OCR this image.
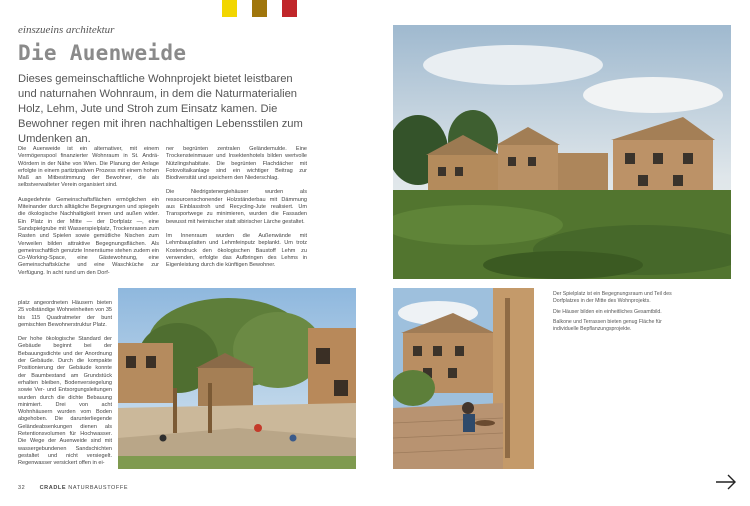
einszueins architektur
Die Auenweide

Dieses gemeinschaftliche Wohnprojekt bietet leistbaren und naturnahen Wohnraum, in dem die Naturmaterialien Holz, Lehm, Jute und Stroh zum Einsatz kamen. Die Bewohner regen mit ihren nachhaltigen Lebensstilen zum Umdenken an.

Die Auenweide ist ein alternativer, mit einem Vermögenspool finanzierter Wohnraum in St. Andrä-Wördern in der Nähe von Wien. Die Planung der Anlage erfolgte in einem partizipativen Prozess mit einem hohen Maß an Mitbestimmung der Bewohner, die als selbstverwalteter Verein organisiert sind.

Ausgedehnte Gemeinschaftsflächen ermöglichen ein Miteinander durch alltägliche Begegnungen und spiegeln die ökologische Nachhaltigkeit innen und außen wider. Ein Platz in der Mitte — der Dorfplatz —, eine Sandspielgrube mit Wasserspielplatz, Trockenrasen zum Rasten und Spielen sowie gemütliche Nischen zum Verweilen bilden attraktive Begegnungsflächen. Als gemeinschaftlich genutzte Innenräume stehen zudem ein Co-Working-Space, eine Gästewohnung, eine Gemeinschaftsküche und eine Waschküche zur Verfügung. In acht rund um den Dorf-

platz angeordneten Häusern bieten 25 vollständige Wohneinheiten von 35 bis 115 Quadratmeter der bunt gemischten Bewohnerstruktur Platz.

Der hohe ökologische Standard der Gebäude beginnt bei der Bebauungsdichte und der Anordnung der Gebäude. Durch die kompakte Positionierung der Gebäude konnte der Baumbestand am Grundstück erhalten bleiben, Bodenversiegelung sowie Ver- und Entsorgungsleitungen wurden durch die dichte Bebauung minimiert. Drei von acht Wohnhäusern wurden vom Boden abgehoben. Die darunterliegende Geländeabsenkungen dienen als Retentionsvolumen für Hochwasser. Die Wege der Auenweide sind mit wassergebundenen Sandschichten gestaltet und nicht versiegelt. Regenwasser versickert offen in ei-

ner begrünten zentralen Geländemulde. Eine Trockensteinmauer und Insektenhotels bilden wertvolle Nützlingshabitate. Die begrünten Flachdächer mit Fotovoltaikanlage sind ein wichtiger Beitrag zur Biodiversität und speichern den Niederschlag.

Die Niedrigstenergiehäuser wurden als ressourcenschonender Holzständerbau mit Dämmung aus Einblasstroh und Recycling-Jute realisiert. Um Transportwege zu minimieren, wurden die Fassaden bewusst mit heimischer statt sibirischer Lärche gestaltet.

Im Innenraum wurden die Außenwände mit Lehmbauplatten und Lehmfeinputz beplankt. Um trotz Kostendruck den ökologischen Baustoff Lehm zu verwenden, erfolgte das Aufbringen des Lehms in Eigenleistung durch die künftigen Bewohner.

Der Spielplatz ist ein Begegnungsraum und Teil des Dorfplatzes in der Mitte des Wohnprojekts.

Die Häuser bilden ein einheitliches Gesamtbild.

Balkone und Terrassen bieten genug Fläche für individuelle Bepflanzungsprojekte.

32	CRADLE NATURBAUSTOFFE
